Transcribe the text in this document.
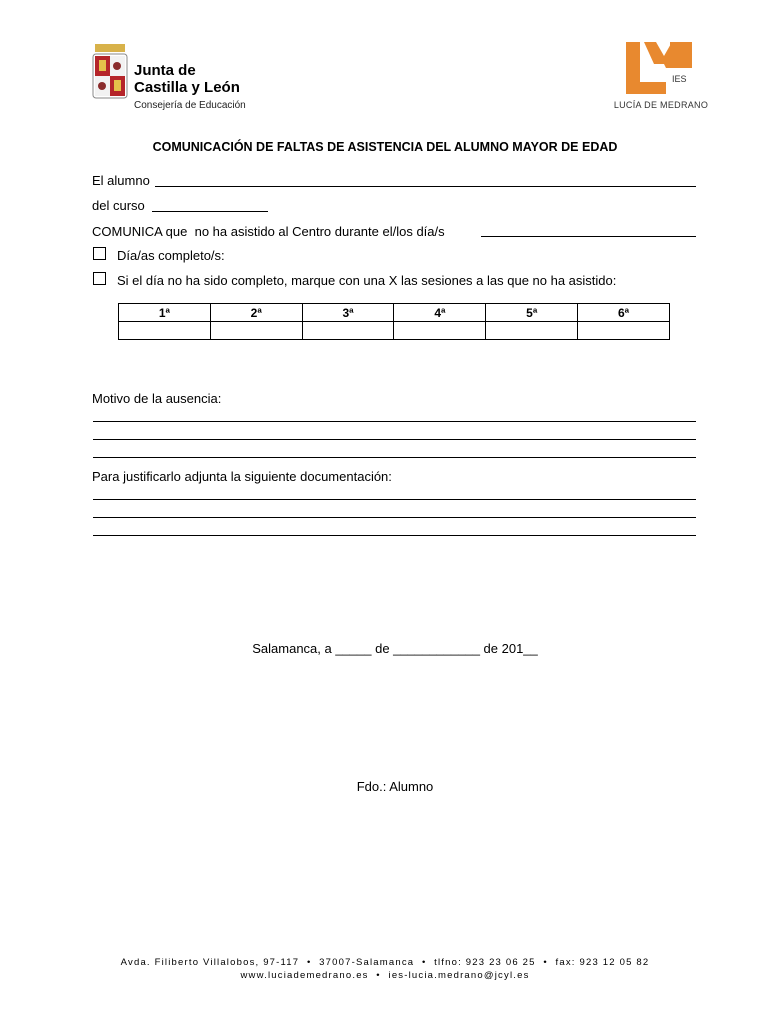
Junta de
Castilla y León
Consejería de Educación
IES
LUCÍA DE MEDRANO
COMUNICACIÓN DE FALTAS DE ASISTENCIA DEL ALUMNO MAYOR DE EDAD
El alumno
del curso
COMUNICA que  no ha asistido al Centro durante el/los día/s
Día/as completo/s:
Si el día no ha sido completo, marque con una X las sesiones a las que no ha asistido:
1ª	2ª	3ª	4ª	5ª	6ª

Motivo de la ausencia:
Para justificarlo adjunta la siguiente documentación:
Salamanca, a _____ de ____________ de 201__
Fdo.: Alumno
Avda. Filiberto Villalobos, 97-117  •  37007-Salamanca  •  tlfno: 923 23 06 25  •  fax: 923 12 05 82
www.luciademedrano.es  •  ies-lucia.medrano@jcyl.es
